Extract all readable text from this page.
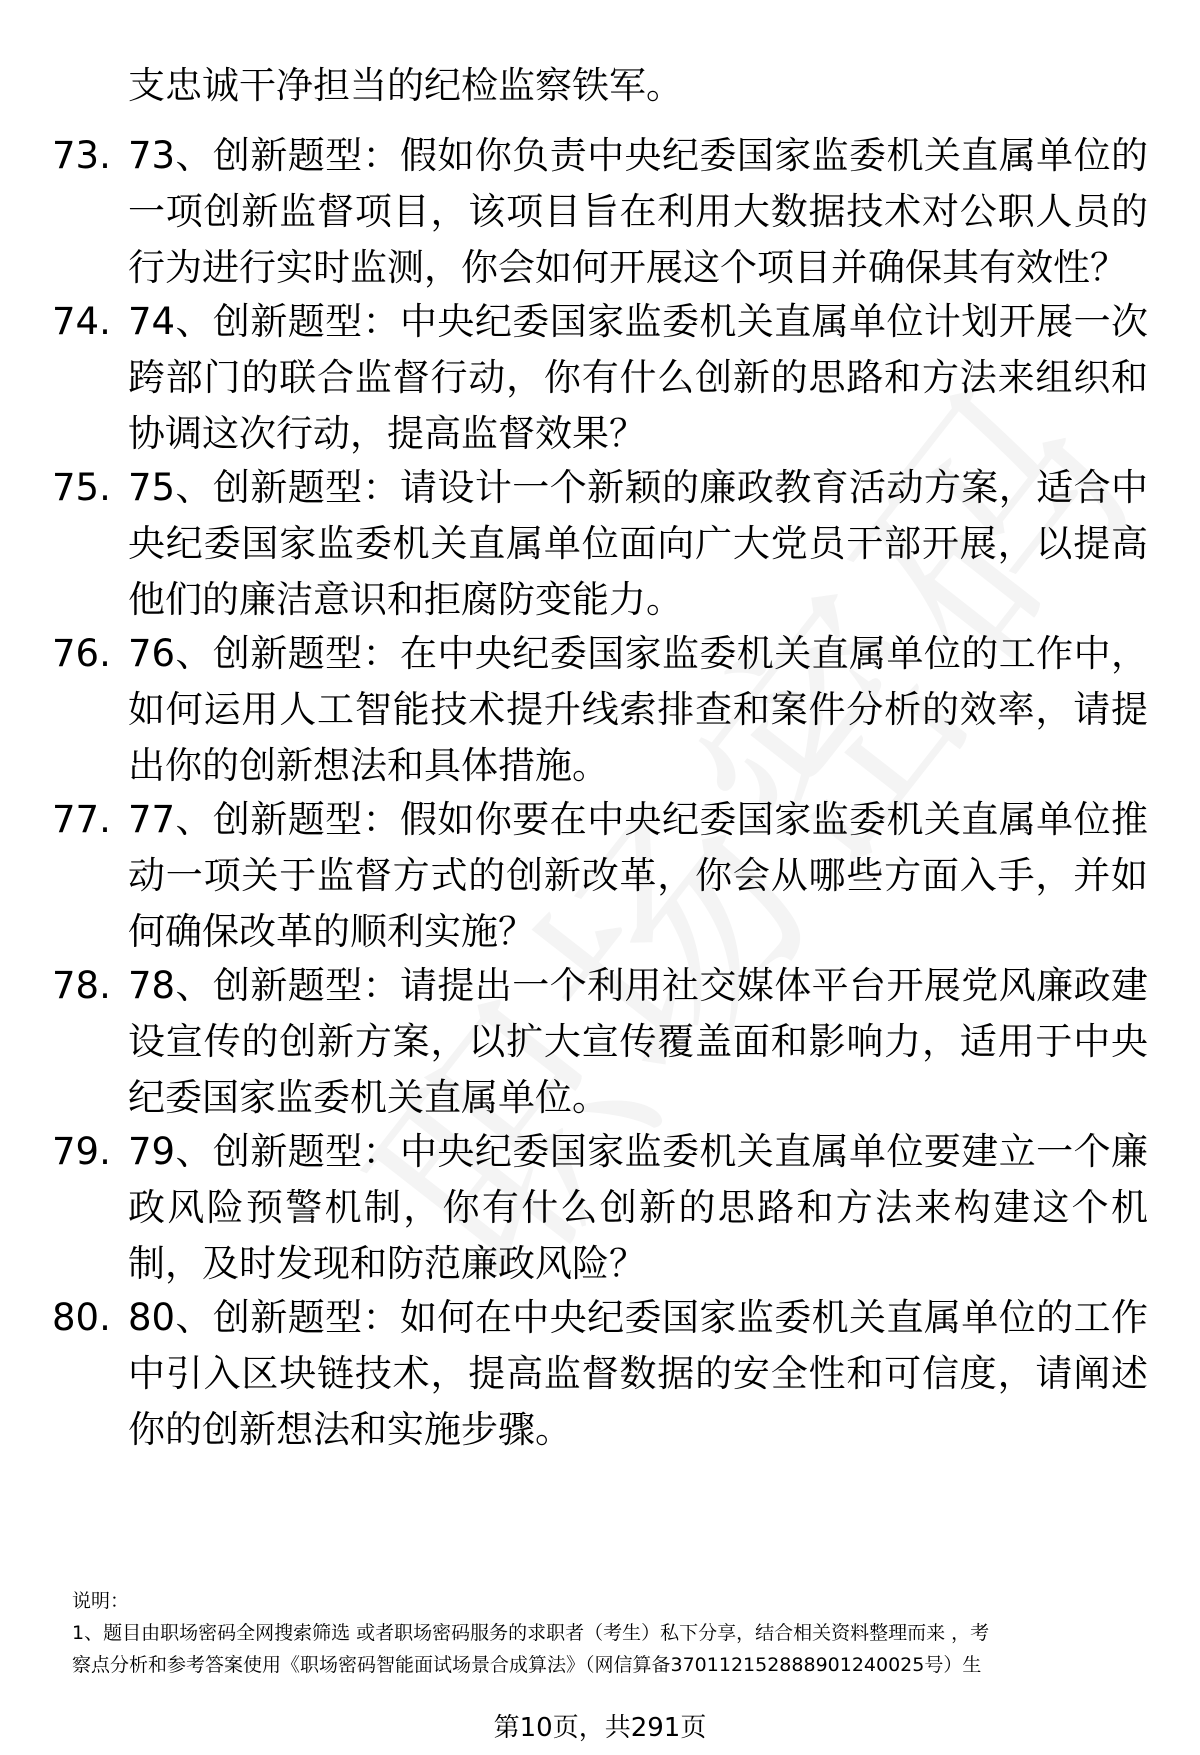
支忠诚干净担当的纪检监察铁军。
73. 73、创新题型：假如你负责中央纪委国家监委机关直属单位的一项创新监督项目，该项目旨在利用大数据技术对公职人员的行为进行实时监测，你会如何开展这个项目并确保其有效性？
74. 74、创新题型：中央纪委国家监委机关直属单位计划开展一次跨部门的联合监督行动，你有什么创新的思路和方法来组织和协调这次行动，提高监督效果？
75. 75、创新题型：请设计一个新颖的廉政教育活动方案，适合中央纪委国家监委机关直属单位面向广大党员干部开展，以提高他们的廉洁意识和拒腐防变能力。
76. 76、创新题型：在中央纪委国家监委机关直属单位的工作中，如何运用人工智能技术提升线索排查和案件分析的效率，请提出你的创新想法和具体措施。
77. 77、创新题型：假如你要在中央纪委国家监委机关直属单位推动一项关于监督方式的创新改革，你会从哪些方面入手，并如何确保改革的顺利实施？
78. 78、创新题型：请提出一个利用社交媒体平台开展党风廉政建设宣传的创新方案，以扩大宣传覆盖面和影响力，适用于中央纪委国家监委机关直属单位。
79. 79、创新题型：中央纪委国家监委机关直属单位要建立一个廉政风险预警机制，你有什么创新的思路和方法来构建这个机制，及时发现和防范廉政风险？
80. 80、创新题型：如何在中央纪委国家监委机关直属单位的工作中引入区块链技术，提高监督数据的安全性和可信度，请阐述你的创新想法和实施步骤。
说明：
1、题目由职场密码全网搜索筛选 或者职场密码服务的求职者（考生）私下分享，结合相关资料整理而来 ，考
察点分析和参考答案使用《职场密码智能面试场景合成算法》（网信算备370112152888901240025号）生
第10页，共291页
